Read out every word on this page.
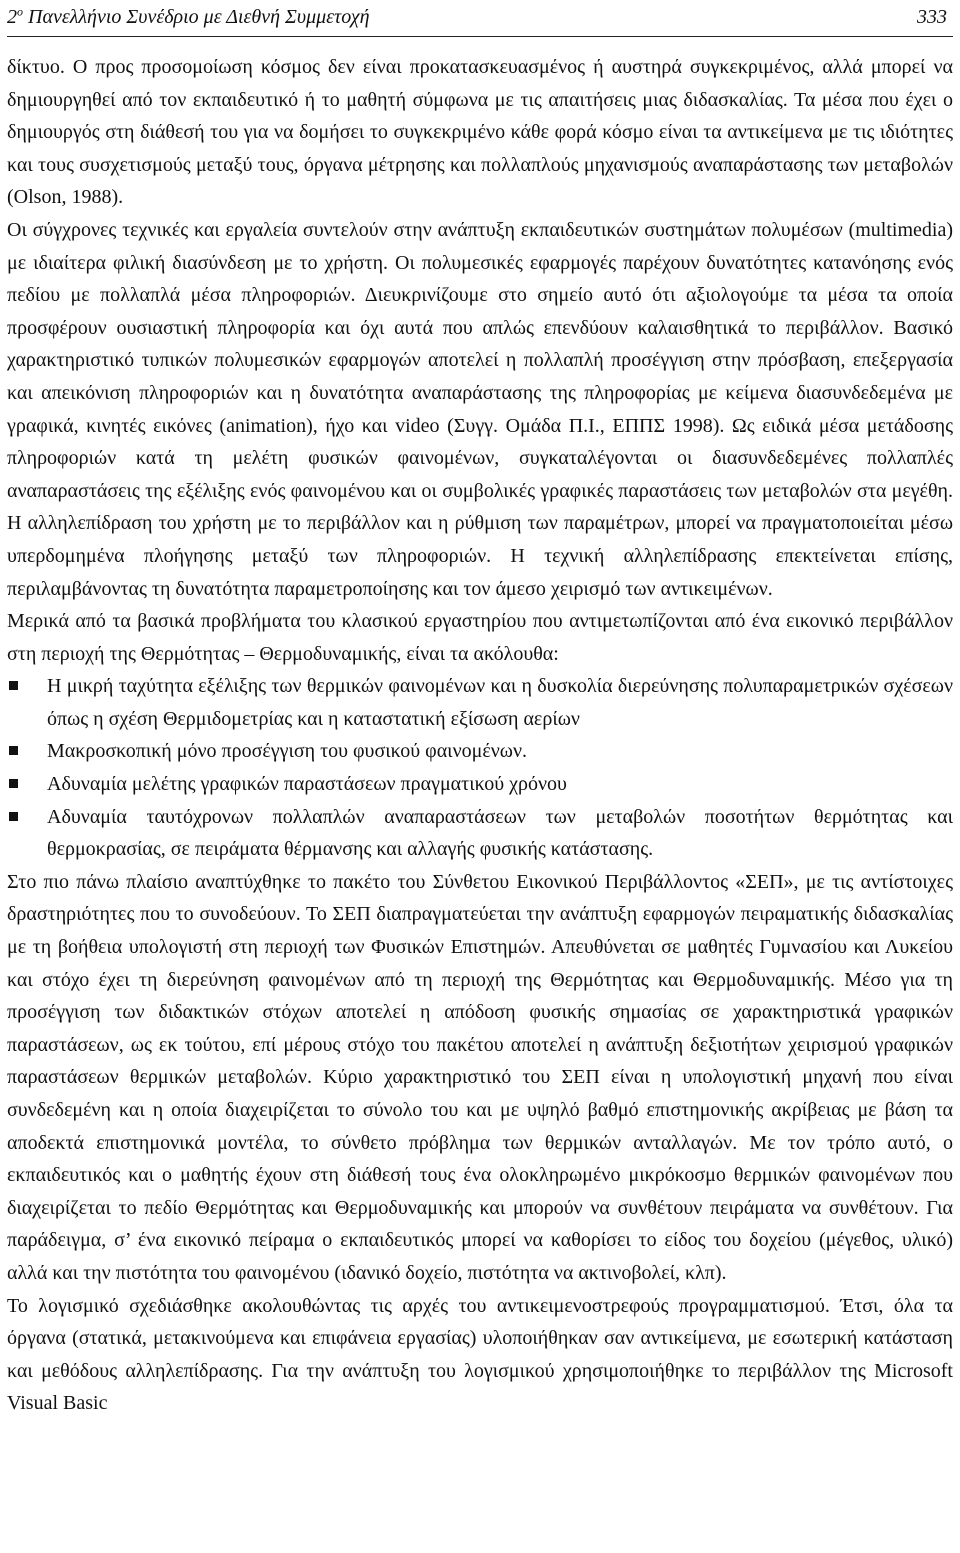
$2^o$ Πανελλήνιο Συνέδριο με Διεθνή Συμμετοχή	333

δίκτυο. Ο προς προσομοίωση κόσμος δεν είναι προκατασκευασμένος ή αυστηρά συγκεκριμένος, αλλά μπορεί να δημιουργηθεί από τον εκπαιδευτικό ή το μαθητή σύμφωνα με τις απαιτήσεις μιας διδασκαλίας. Τα μέσα που έχει ο δημιουργός στη διάθεσή του για να δομήσει το συγκεκριμένο κάθε φορά κόσμο είναι τα αντικείμενα με τις ιδιότητες και τους συσχετισμούς μεταξύ τους, όργανα μέτρησης και πολλαπλούς μηχανισμούς αναπαράστασης των μεταβολών (Olson, 1988).

Οι σύγχρονες τεχνικές και εργαλεία συντελούν στην ανάπτυξη εκπαιδευτικών συστημάτων πολυμέσων (multimedia) με ιδιαίτερα φιλική διασύνδεση με το χρήστη. Οι πολυμεσικές εφαρμογές παρέχουν δυνατότητες κατανόησης ενός πεδίου με πολλαπλά μέσα πληροφοριών. Διευκρινίζουμε στο σημείο αυτό ότι αξιολογούμε τα μέσα τα οποία προσφέρουν ουσιαστική πληροφορία και όχι αυτά που απλώς επενδύουν καλαισθητικά το περιβάλλον. Βασικό χαρακτηριστικό τυπικών πολυμεσικών εφαρμογών αποτελεί η πολλαπλή προσέγγιση στην πρόσβαση, επεξεργασία και απεικόνιση πληροφοριών και η δυνατότητα αναπαράστασης της πληροφορίας με κείμενα διασυνδεδεμένα με γραφικά, κινητές εικόνες (animation), ήχο και video (Συγγ. Ομάδα Π.Ι., ΕΠΠΣ 1998). Ως ειδικά μέσα μετάδοσης πληροφοριών κατά τη μελέτη φυσικών φαινομένων, συγκαταλέγονται οι διασυνδεδεμένες πολλαπλές αναπαραστάσεις της εξέλιξης ενός φαινομένου και οι συμβολικές γραφικές παραστάσεις των μεταβολών στα μεγέθη. Η αλληλεπίδραση του χρήστη με το περιβάλλον και η ρύθμιση των παραμέτρων, μπορεί να πραγματοποιείται μέσω υπερδομημένα πλοήγησης μεταξύ των πληροφοριών. Η τεχνική αλληλεπίδρασης επεκτείνεται επίσης, περιλαμβάνοντας τη δυνατότητα παραμετροποίησης και τον άμεσο χειρισμό των αντικειμένων.

Μερικά από τα βασικά προβλήματα του κλασικού εργαστηρίου που αντιμετωπίζονται από ένα εικονικό περιβάλλον στη περιοχή της Θερμότητας – Θερμοδυναμικής, είναι τα ακόλουθα:

Η μικρή ταχύτητα εξέλιξης των θερμικών φαινομένων και η δυσκολία διερεύνησης πολυπαραμετρικών σχέσεων όπως η σχέση Θερμιδομετρίας και η καταστατική εξίσωση αερίων
Μακροσκοπική μόνο προσέγγιση του φυσικού φαινομένων.
Αδυναμία μελέτης γραφικών παραστάσεων πραγματικού χρόνου
Αδυναμία ταυτόχρονων πολλαπλών αναπαραστάσεων των μεταβολών ποσοτήτων θερμότητας και θερμοκρασίας, σε πειράματα θέρμανσης και αλλαγής φυσικής κατάστασης.

Στο πιο πάνω πλαίσιο αναπτύχθηκε το πακέτο του Σύνθετου Εικονικού Περιβάλλοντος «ΣΕΠ», με τις αντίστοιχες δραστηριότητες που το συνοδεύουν. Το ΣΕΠ διαπραγματεύεται την ανάπτυξη εφαρμογών πειραματικής διδασκαλίας με τη βοήθεια υπολογιστή στη περιοχή των Φυσικών Επιστημών. Απευθύνεται σε μαθητές Γυμνασίου και Λυκείου και στόχο έχει τη διερεύνηση φαινομένων από τη περιοχή της Θερμότητας και Θερμοδυναμικής. Μέσο για τη προσέγγιση των διδακτικών στόχων αποτελεί η απόδοση φυσικής σημασίας σε χαρακτηριστικά γραφικών παραστάσεων, ως εκ τούτου, επί μέρους στόχο του πακέτου αποτελεί η ανάπτυξη δεξιοτήτων χειρισμού γραφικών παραστάσεων θερμικών μεταβολών. Κύριο χαρακτηριστικό του ΣΕΠ είναι η υπολογιστική μηχανή που είναι συνδεδεμένη και η οποία διαχειρίζεται το σύνολο του και με υψηλό βαθμό επιστημονικής ακρίβειας με βάση τα αποδεκτά επιστημονικά μοντέλα, το σύνθετο πρόβλημα των θερμικών ανταλλαγών. Με τον τρόπο αυτό, ο εκπαιδευτικός και ο μαθητής έχουν στη διάθεσή τους ένα ολοκληρωμένο μικρόκοσμο θερμικών φαινομένων που διαχειρίζεται το πεδίο Θερμότητας και Θερμοδυναμικής και μπορούν να συνθέτουν πειράματα να συνθέτουν. Για παράδειγμα, σ’ ένα εικονικό πείραμα ο εκπαιδευτικός μπορεί να καθορίσει το είδος του δοχείου (μέγεθος, υλικό) αλλά και την πιστότητα του φαινομένου (ιδανικό δοχείο, πιστότητα να ακτινοβολεί, κλπ).

Το λογισμικό σχεδιάσθηκε ακολουθώντας τις αρχές του αντικειμενοστρεφούς προγραμματισμού. Έτσι, όλα τα όργανα (στατικά, μετακινούμενα και επιφάνεια εργασίας) υλοποιήθηκαν σαν αντικείμενα, με εσωτερική κατάσταση και μεθόδους αλληλεπίδρασης. Για την ανάπτυξη του λογισμικού χρησιμοποιήθηκε το περιβάλλον της Microsoft Visual Basic
